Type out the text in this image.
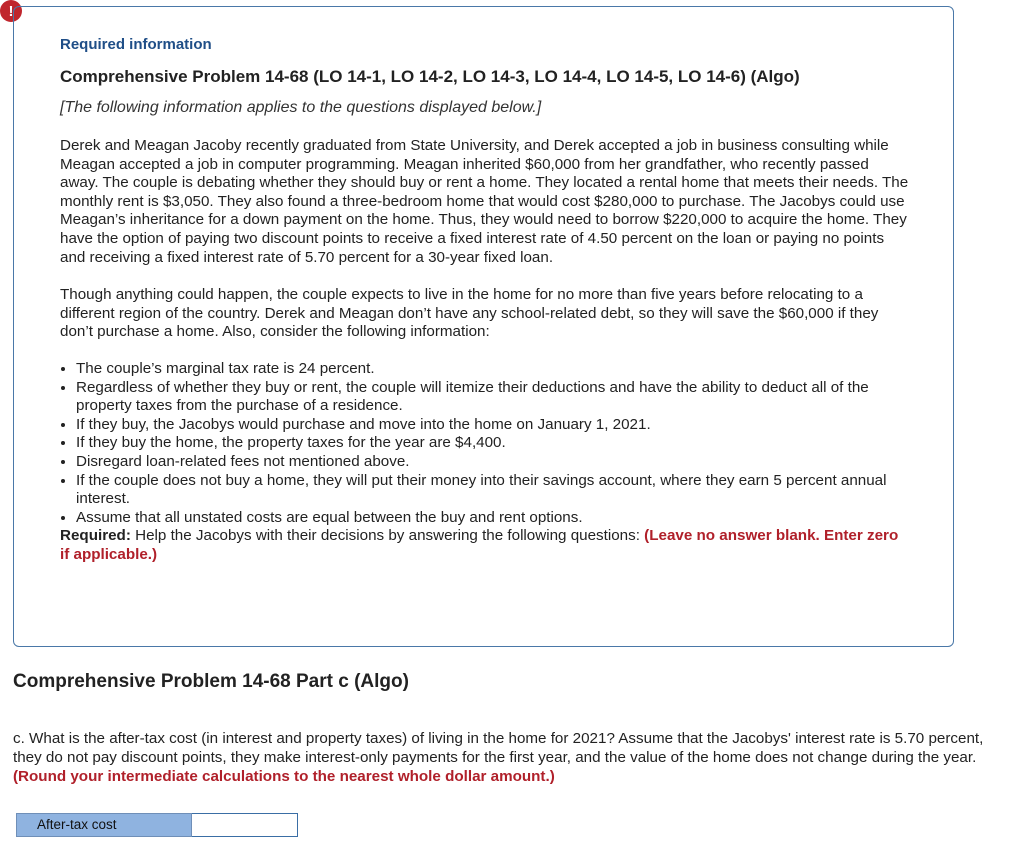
!

Required information

Comprehensive Problem 14-68 (LO 14-1, LO 14-2, LO 14-3, LO 14-4, LO 14-5, LO 14-6) (Algo)

[The following information applies to the questions displayed below.]

Derek and Meagan Jacoby recently graduated from State University, and Derek accepted a job in business consulting while Meagan accepted a job in computer programming. Meagan inherited $60,000 from her grandfather, who recently passed away. The couple is debating whether they should buy or rent a home. They located a rental home that meets their needs. The monthly rent is $3,050. They also found a three-bedroom home that would cost $280,000 to purchase. The Jacobys could use Meagan’s inheritance for a down payment on the home. Thus, they would need to borrow $220,000 to acquire the home. They have the option of paying two discount points to receive a fixed interest rate of 4.50 percent on the loan or paying no points and receiving a fixed interest rate of 5.70 percent for a 30-year fixed loan.

Though anything could happen, the couple expects to live in the home for no more than five years before relocating to a different region of the country. Derek and Meagan don’t have any school-related debt, so they will save the $60,000 if they don’t purchase a home. Also, consider the following information:

• The couple’s marginal tax rate is 24 percent.
• Regardless of whether they buy or rent, the couple will itemize their deductions and have the ability to deduct all of the property taxes from the purchase of a residence.
• If they buy, the Jacobys would purchase and move into the home on January 1, 2021.
• If they buy the home, the property taxes for the year are $4,400.
• Disregard loan-related fees not mentioned above.
• If the couple does not buy a home, they will put their money into their savings account, where they earn 5 percent annual interest.
• Assume that all unstated costs are equal between the buy and rent options.

Required: Help the Jacobys with their decisions by answering the following questions: (Leave no answer blank. Enter zero if applicable.)

Comprehensive Problem 14-68 Part c (Algo)

c. What is the after-tax cost (in interest and property taxes) of living in the home for 2021? Assume that the Jacobys' interest rate is 5.70 percent, they do not pay discount points, they make interest-only payments for the first year, and the value of the home does not change during the year. (Round your intermediate calculations to the nearest whole dollar amount.)

After-tax cost
